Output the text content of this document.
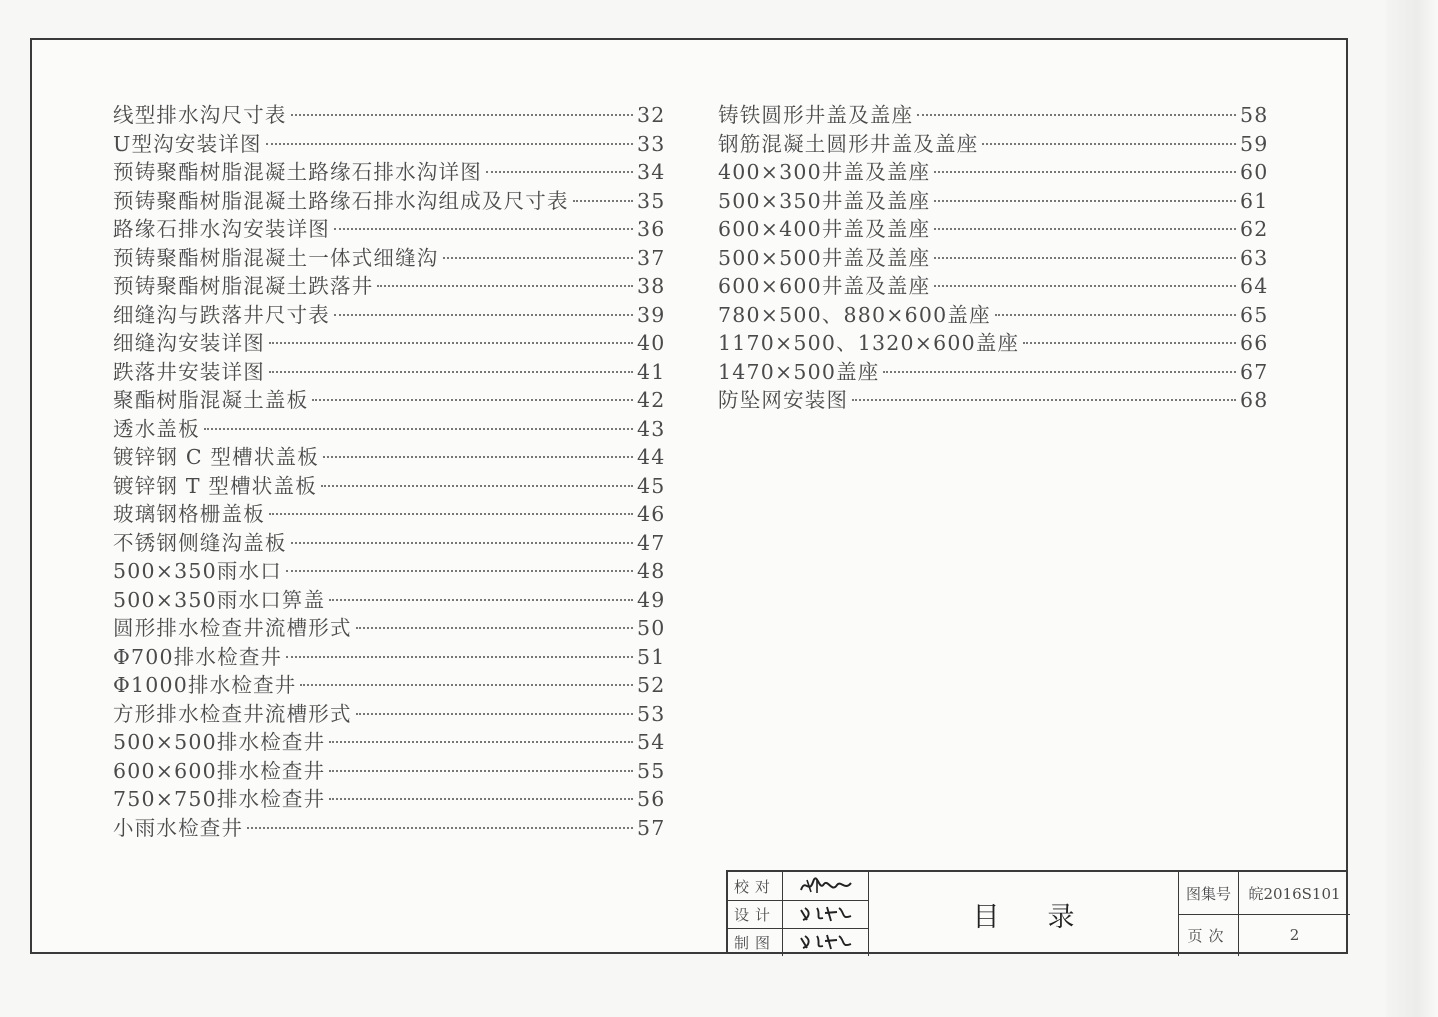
线型排水沟尺寸表	32
U型沟安装详图	33
预铸聚酯树脂混凝土路缘石排水沟详图	34
预铸聚酯树脂混凝土路缘石排水沟组成及尺寸表	35
路缘石排水沟安装详图	36
预铸聚酯树脂混凝土一体式细缝沟	37
预铸聚酯树脂混凝土跌落井	38
细缝沟与跌落井尺寸表	39
细缝沟安装详图	40
跌落井安装详图	41
聚酯树脂混凝土盖板	42
透水盖板	43
镀锌钢 C 型槽状盖板	44
镀锌钢 T 型槽状盖板	45
玻璃钢格栅盖板	46
不锈钢侧缝沟盖板	47
500×350雨水口	48
500×350雨水口箅盖	49
圆形排水检查井流槽形式	50
Φ700排水检查井	51
Φ1000排水检查井	52
方形排水检查井流槽形式	53
500×500排水检查井	54
600×600排水检查井	55
750×750排水检查井	56
小雨水检查井	57
铸铁圆形井盖及盖座	58
钢筋混凝土圆形井盖及盖座	59
400×300井盖及盖座	60
500×350井盖及盖座	61
600×400井盖及盖座	62
500×500井盖及盖座	63
600×600井盖及盖座	64
780×500、880×600盖座	65
1170×500、1320×600盖座	66
1470×500盖座	67
防坠网安装图	68
校对
设计
制图
目录
图集号	皖2016S101
页次	2
